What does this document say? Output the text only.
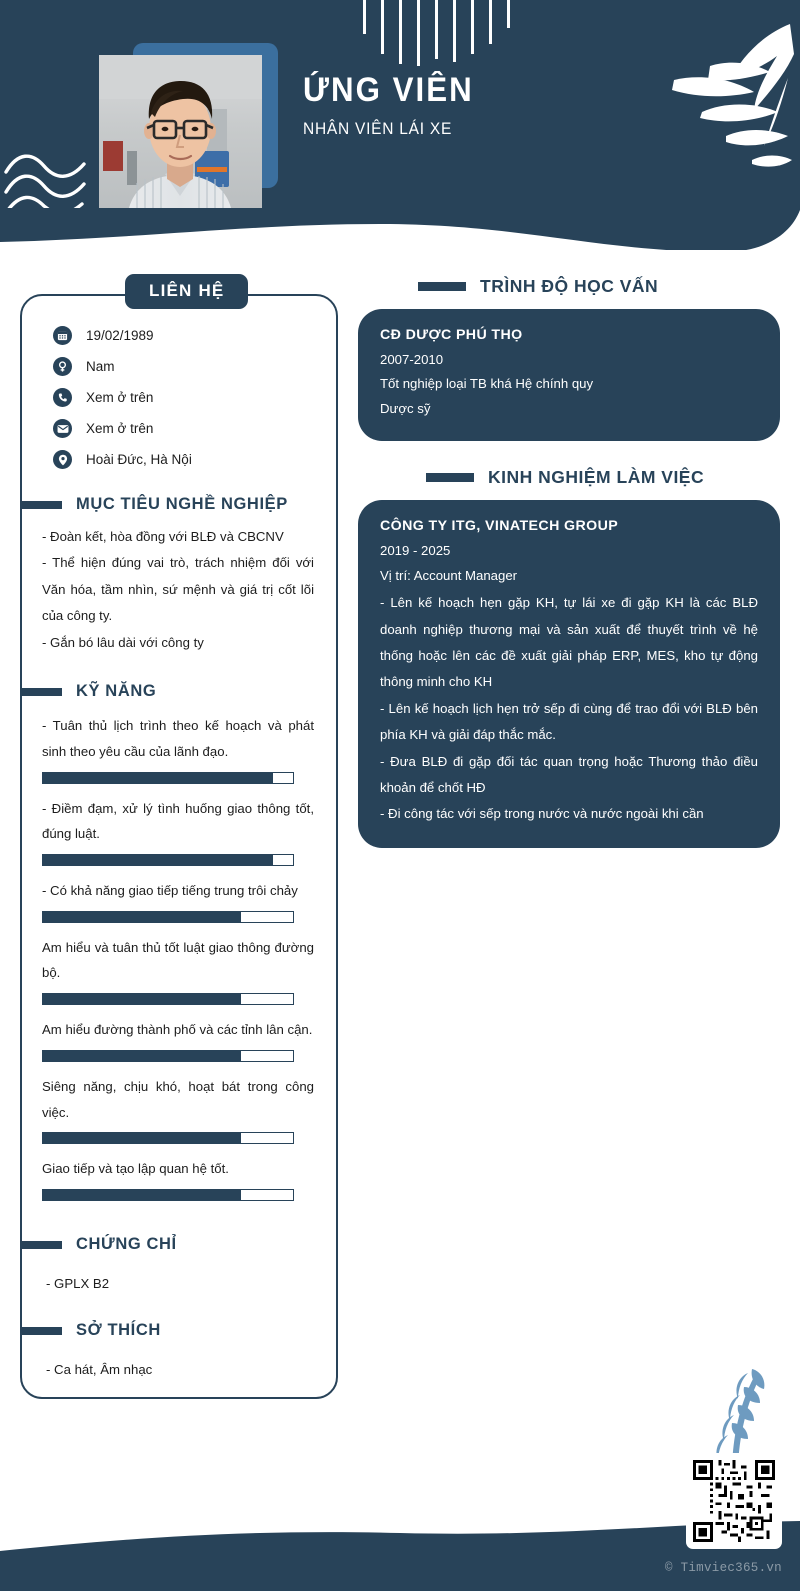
ỨNG VIÊN
NHÂN VIÊN LÁI XE
LIÊN HỆ
19/02/1989
Nam
Xem ở trên
Xem ở trên
Hoài Đức, Hà Nội
MỤC TIÊU NGHỀ NGHIỆP

- Đoàn kết, hòa đồng với BLĐ và CBCNV

- Thể hiện đúng vai trò, trách nhiệm đối với Văn hóa, tầm nhìn, sứ mệnh và giá trị cốt lõi của công ty.

- Gắn bó lâu dài với công ty

KỸ NĂNG
- Tuân thủ lịch trình theo kế hoạch và phát sinh theo yêu cầu của lãnh đạo.
- Điềm đạm, xử lý tình huống giao thông tốt, đúng luật.
- Có khả năng giao tiếp tiếng trung trôi chảy
Am hiểu và tuân thủ tốt luật giao thông đường bộ.
Am hiểu đường thành phố và các tỉnh lân cận.
Siêng năng, chịu khó, hoạt bát trong công việc.
Giao tiếp và tạo lập quan hệ tốt.
CHỨNG CHỈ
- GPLX B2
SỞ THÍCH
- Ca hát, Âm nhạc
TRÌNH ĐỘ HỌC VẤN
CĐ DƯỢC PHÚ THỌ
2007-2010
Tốt nghiệp loại TB khá Hệ chính quy
Dược sỹ
KINH NGHIỆM LÀM VIỆC
CÔNG TY ITG, VINATECH GROUP
2019 - 2025
Vị trí: Account Manager

- Lên kế hoạch hẹn gặp KH, tự lái xe đi gặp KH là các BLĐ doanh nghiệp thương mại và sản xuất để thuyết trình về hệ thống hoặc lên các đề xuất giải pháp ERP, MES, kho tự động thông minh cho KH

- Lên kế hoạch lịch hẹn trở sếp đi cùng để trao đổi với BLĐ bên phía KH và giải đáp thắc mắc.

- Đưa BLĐ đi gặp đối tác quan trọng hoặc Thương thảo điều khoản để chốt HĐ

- Đi công tác với sếp trong nước và nước ngoài khi cần

© Timviec365.vn
